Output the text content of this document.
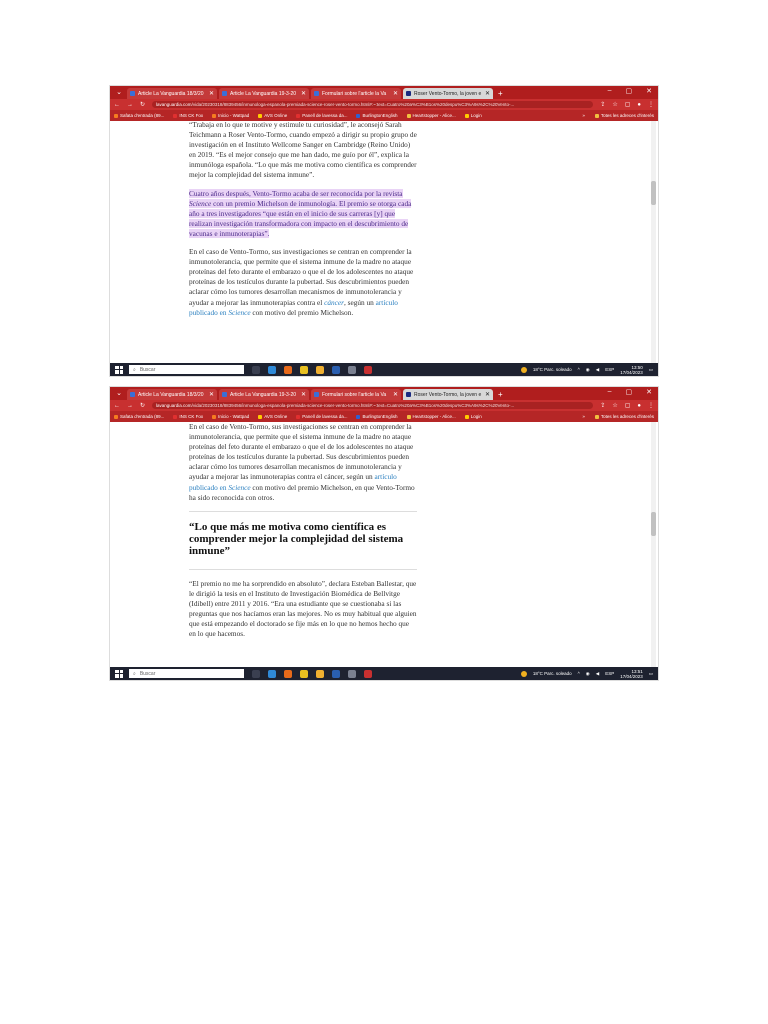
⌄	Article La Vanguardia 18/3/20 ✕	Article La Vanguardia 19-3-20 ✕	Formulari sobre l'article la Va	✕	Roser Vento-Tormo, la joven e ✕ +	– ▢ ✕
← → ↻	lavanguardia.com/vida/20230318/8839456/inmunologa-espanola-premiada-science-roser-vento-tormo.html#:~:text=Cuatro%20a%C3%B1os%20despu%C3%A9s%2C%20Vento-...	⇪ ☆ ▢ ● ⋮
Safata d'entrada (89...	INS CK Fox	Inicio - Wattpad	AVS Online	Panell de lavessa da...	BurlingtonEnglish	Heartstopper - Alice...	Login	»	Totes les adreces d'interès

“Trabaja en lo que te motive y estimule tu curiosidad”, le aconsejó Sarah Teichmann a Roser Vento-Tormo, cuando empezó a dirigir su propio grupo de investigación en el Instituto Wellcome Sanger en Cambridge (Reino Unido) en 2019. “Es el mejor consejo que me han dado, me guío por él”, explica la inmunóloga española. “Lo que más me motiva como científica es comprender mejor la complejidad del sistema inmune”.

Cuatro años después, Vento-Tormo acaba de ser reconocida por la revista Science con un premio Michelson de inmunología. El premio se otorga cada año a tres investigadores “que están en el inicio de sus carreras [y] que realizan investigación transformadora con impacto en el descubrimiento de vacunas e inmunoterapias”.

En el caso de Vento-Tormo, sus investigaciones se centran en comprender la inmunotolerancia, que permite que el sistema inmune de la madre no ataque proteínas del feto durante el embarazo o que el de los adolescentes no ataque proteínas de los testículos durante la pubertad. Sus descubrimientos pueden aclarar cómo los tumores desarrollan mecanismos de inmunotolerancia y ayudar a mejorar las inmunoterapias contra el cáncer, según un artículo publicado en Science con motivo del premio Michelson.

⌕ Buscar	18°C Parc. soleado ^ ◉ ◀ ESP	13:50
17/04/2023
▭
⌄	Article La Vanguardia 18/3/20 ✕	Article La Vanguardia 19-3-20 ✕	Formulari sobre l'article la Va	✕	Roser Vento-Tormo, la joven e ✕ +	– ▢ ✕
← → ↻	lavanguardia.com/vida/20230318/8839456/inmunologa-espanola-premiada-science-roser-vento-tormo.html#:~:text=Cuatro%20a%C3%B1os%20despu%C3%A9s%2C%20Vento-...	⇪ ☆ ▢ ● ⋮
Safata d'entrada (89...	INS CK Fox	Inicio - Wattpad	AVS Online	Panell de lavessa da...	BurlingtonEnglish	Heartstopper - Alice...	Login	»	Totes les adreces d'interès

En el caso de Vento-Tormo, sus investigaciones se centran en comprender la inmunotolerancia, que permite que el sistema inmune de la madre no ataque proteínas del feto durante el embarazo o que el de los adolescentes no ataque proteínas de los testículos durante la pubertad. Sus descubrimientos pueden aclarar cómo los tumores desarrollan mecanismos de inmunotolerancia y ayudar a mejorar las inmunoterapias contra el cáncer, según un artículo publicado en Science con motivo del premio Michelson, en que Vento-Tormo ha sido reconocida con otros.

“Lo que más me motiva como científica es comprender mejor la complejidad del sistema inmune”

“El premio no me ha sorprendido en absoluto”, declara Esteban Ballestar, que le dirigió la tesis en el Instituto de Investigación Biomédica de Bellvitge (Idibell) entre 2011 y 2016. “Era una estudiante que se cuestionaba si las preguntas que nos hacíamos eran las mejores. No es muy habitual que alguien que está empezando el doctorado se fije más en lo que no hemos hecho que en lo que hacemos.

⌕ Buscar	18°C Parc. soleado ^ ◉ ◀ ESP	13:51
17/04/2023
▭
